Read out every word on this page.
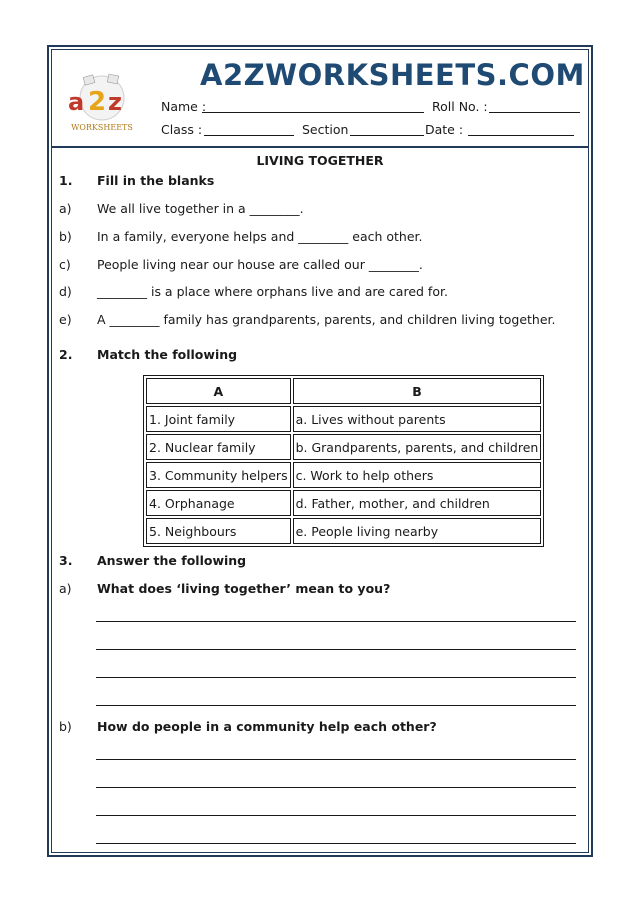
a 2 z
WORKSHEETS
A2ZWORKSHEETS.COM
Name :	Roll No. :
Class :	Section	Date :
LIVING TOGETHER
1. Fill in the blanks
a) We all live together in a ________.
b) In a family, everyone helps and ________ each other.
c) People living near our house are called our ________.
d) ________ is a place where orphans live and are cared for.
e) A ________ family has grandparents, parents, and children living together.
2. Match the following
A	B
1. Joint family	a. Lives without parents
2. Nuclear family	b. Grandparents, parents, and children
3. Community helpers	c. Work to help others
4. Orphanage	d. Father, mother, and children
5. Neighbours	e. People living nearby
3. Answer the following
a) What does ‘living together’ mean to you?
b) How do people in a community help each other?
